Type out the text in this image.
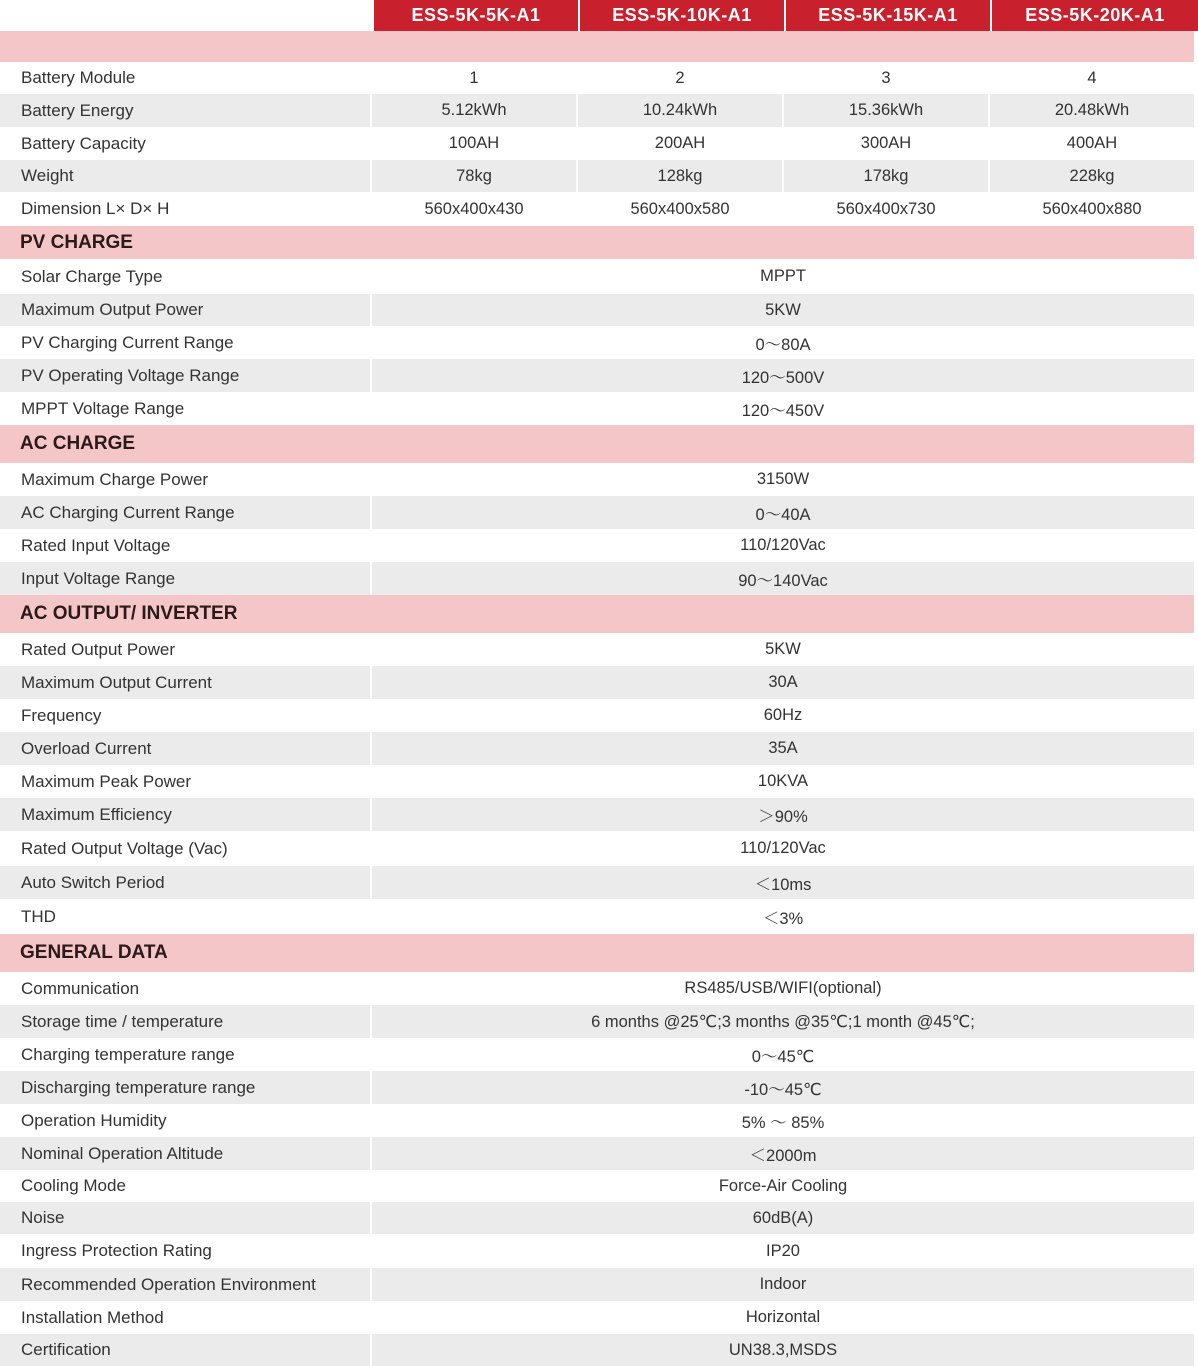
ESS-5K-5K-A1	ESS-5K-10K-A1	ESS-5K-15K-A1	ESS-5K-20K-A1
Battery Module	1	2	3	4
Battery Energy	5.12kWh	10.24kWh	15.36kWh	20.48kWh
Battery Capacity	100AH	200AH	300AH	400AH
Weight	78kg	128kg	178kg	228kg
Dimension L× D× H	560x400x430	560x400x580	560x400x730	560x400x880
PV CHARGE
Solar Charge Type	MPPT
Maximum Output Power	5KW
PV Charging Current Range	0～80A
PV Operating Voltage Range	120～500V
MPPT Voltage Range	120～450V
AC CHARGE
Maximum Charge Power	3150W
AC Charging Current Range	0～40A
Rated Input Voltage	110/120Vac
Input Voltage Range	90～140Vac
AC OUTPUT/ INVERTER
Rated Output Power	5KW
Maximum Output Current	30A
Frequency	60Hz
Overload Current	35A
Maximum Peak Power	10KVA
Maximum Efficiency	＞90%
Rated Output Voltage (Vac)	110/120Vac
Auto Switch Period	＜10ms
THD	＜3%
GENERAL DATA
Communication	RS485/USB/WIFI(optional)
Storage time / temperature	6 months @25℃;3 months @35℃;1 month @45℃;
Charging temperature range	0～45℃
Discharging temperature range	-10～45℃
Operation Humidity	5% ～ 85%
Nominal Operation Altitude	＜2000m
Cooling Mode	Force-Air Cooling
Noise	60dB(A)
Ingress Protection Rating	IP20
Recommended Operation Environment	Indoor
Installation Method	Horizontal
Certification	UN38.3,MSDS
